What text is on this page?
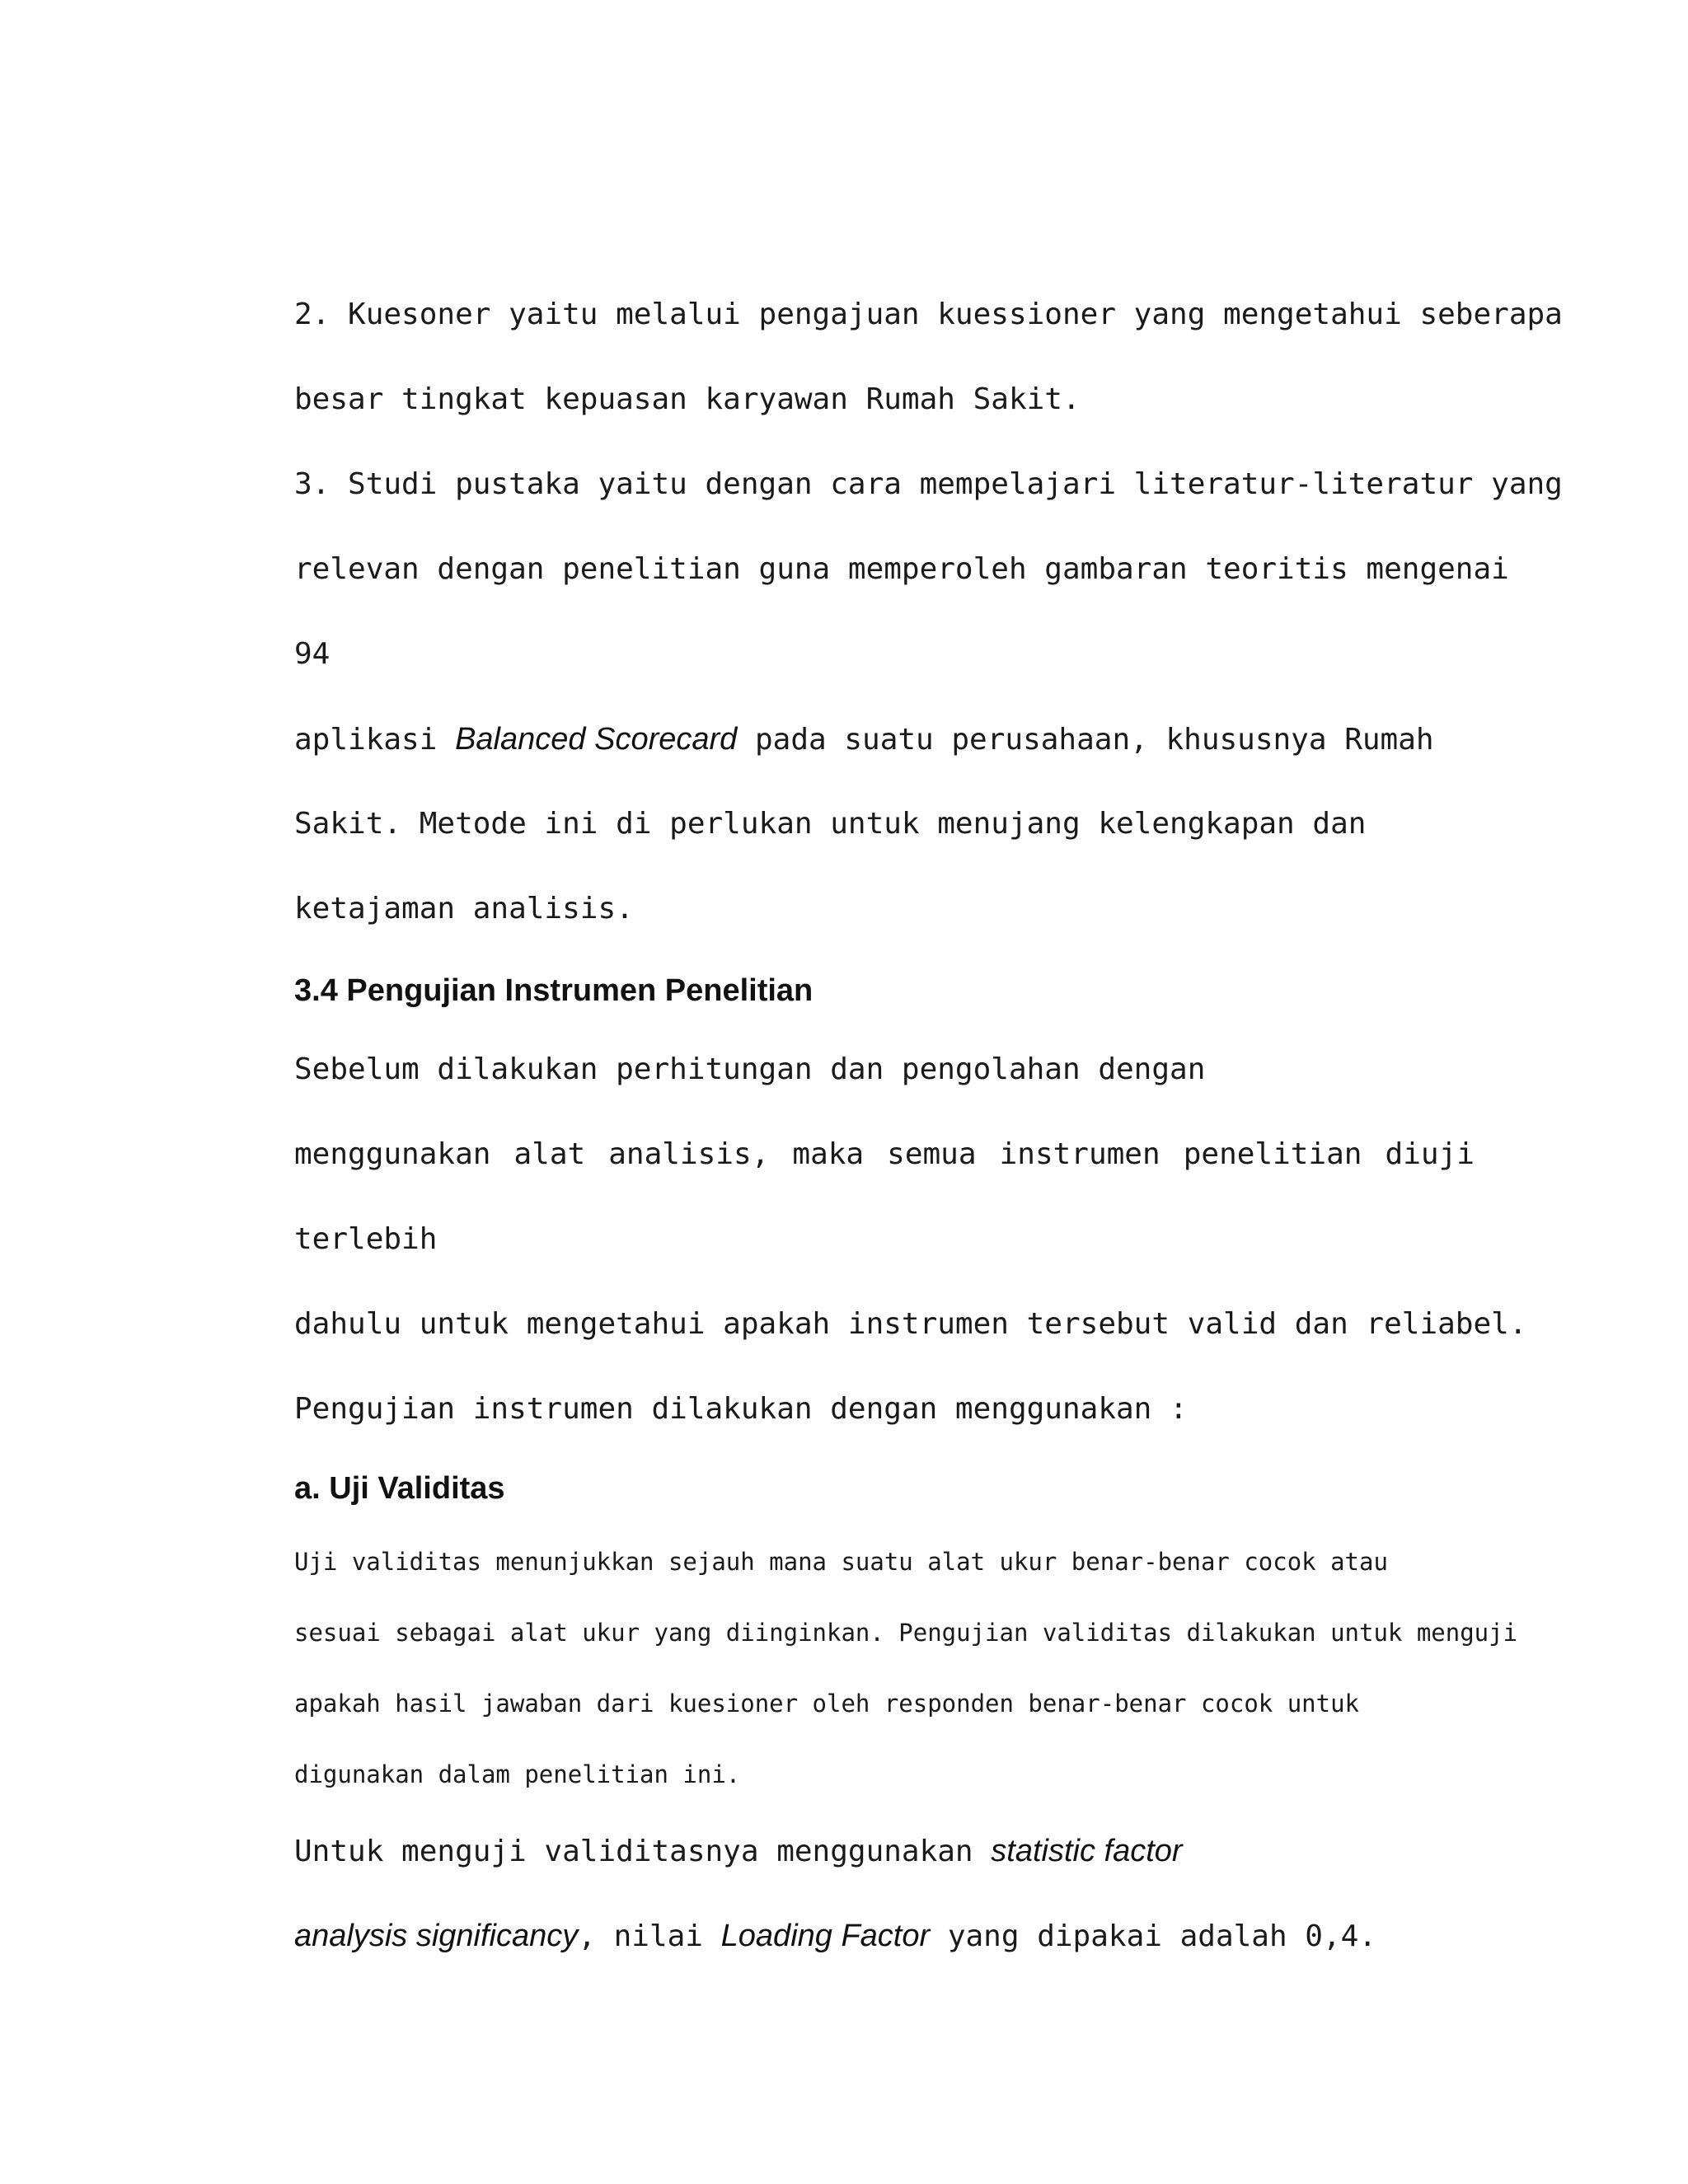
2. Kuesoner yaitu melalui pengajuan kuessioner yang mengetahui seberapa
besar tingkat kepuasan karyawan Rumah Sakit.
3. Studi pustaka yaitu dengan cara mempelajari literatur-literatur yang
relevan dengan penelitian guna memperoleh gambaran teoritis mengenai
94
aplikasi Balanced Scorecard pada suatu perusahaan, khususnya Rumah
Sakit. Metode ini di perlukan untuk menujang kelengkapan dan
ketajaman analisis.
3.4 Pengujian Instrumen Penelitian
Sebelum dilakukan perhitungan dan pengolahan dengan
menggunakan alat analisis, maka semua instrumen penelitian diuji
terlebih
dahulu untuk mengetahui apakah instrumen tersebut valid dan reliabel.
Pengujian instrumen dilakukan dengan menggunakan :
a. Uji Validitas
Uji validitas menunjukkan sejauh mana suatu alat ukur benar-benar cocok atau
sesuai sebagai alat ukur yang diinginkan. Pengujian validitas dilakukan untuk menguji
apakah hasil jawaban dari kuesioner oleh responden benar-benar cocok untuk
digunakan dalam penelitian ini.
Untuk menguji validitasnya menggunakan statistic factor
analysis significancy, nilai Loading Factor yang dipakai adalah 0,4.
